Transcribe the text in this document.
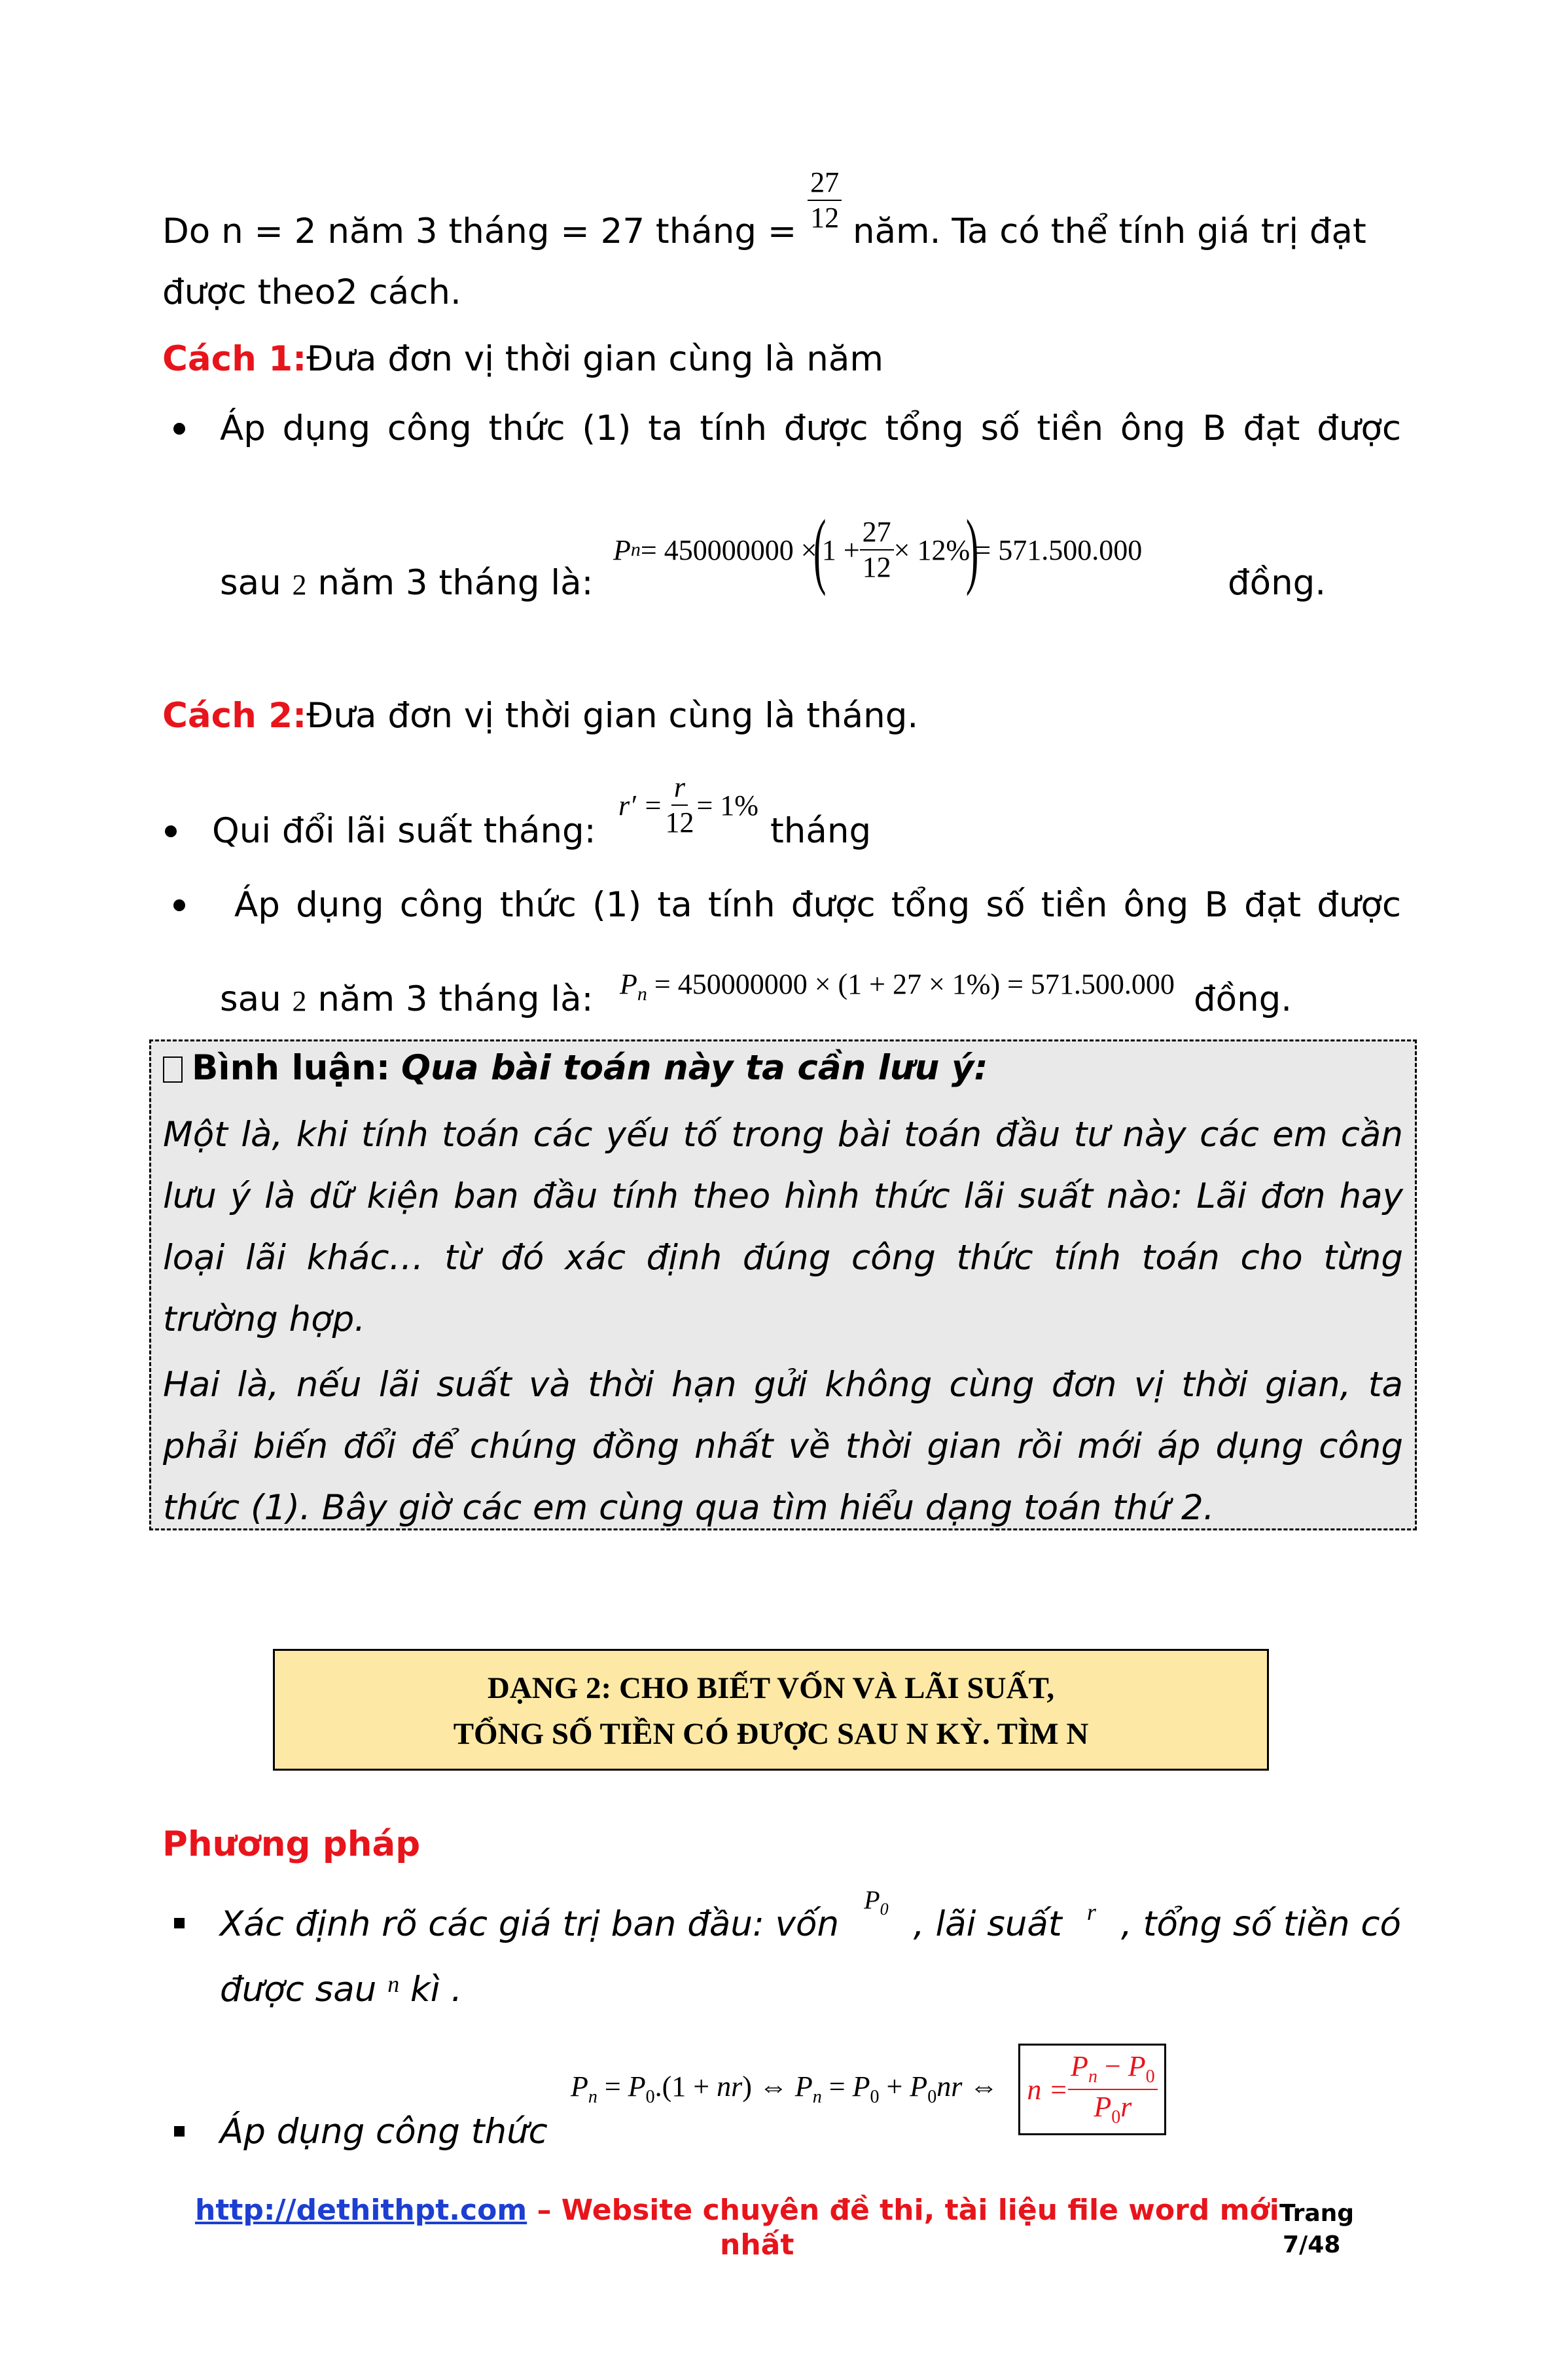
Do n = 2 năm 3 tháng = 27 tháng = $\frac{27}{12}$ năm. Ta có thể tính giá trị đạt
được theo2 cách.
Cách 1:Đưa đơn vị thời gian cùng là năm
Áp dụng công thức (1) ta tính được tổng số tiền ông B đạt được
P n = 450000000 ×
(
$1 + \frac{27}{12} \times 12\%$
)
= 571.500.000
sau 2 năm 3 tháng là:	đồng.
Cách 2:Đưa đơn vị thời gian cùng là tháng.
Qui đổi lãi suất tháng:
$r' = \frac{r}{12} = 1\%$
tháng
Áp dụng công thức (1) ta tính được tổng số tiền ông B đạt được
sau 2 năm 3 tháng là: $P_n = 450000000 \times (1 + 27 \times 1\%) = 571.500.000$ đồng.
Bình luận: Qua bài toán này ta cần lưu ý:

Một là, khi tính toán các yếu tố trong bài toán đầu tư này các em cần

lưu ý là dữ kiện ban đầu tính theo hình thức lãi suất nào: Lãi đơn hay

loại lãi khác… từ đó xác định đúng công thức tính toán cho từng

trường hợp.

Hai là, nếu lãi suất và thời hạn gửi không cùng đơn vị thời gian, ta

phải biến đổi để chúng đồng nhất về thời gian rồi mới áp dụng công

thức (1). Bây giờ các em cùng qua tìm hiểu dạng toán thứ 2.

DẠNG 2: CHO BIẾT VỐN VÀ LÃI SUẤT,
TỔNG SỐ TIỀN CÓ ĐƯỢC SAU N KỲ. TÌM N
Phương pháp
Xác định rõ các giá trị ban đầu: vốn
$P_0$ , lãi suất r , tổng số tiền có
được sau $^n$ kì .
Áp dụng công thức
$P_n = P_0.(1 + nr)$ ⇔ $P_n = P_0 + P_0nr$ ⇔ $n = \frac{P_n - P_0}{P_0r}$
http://dethithpt.com – Website chuyên đề thi, tài liệu file word mới
nhất
Trang
7/48
